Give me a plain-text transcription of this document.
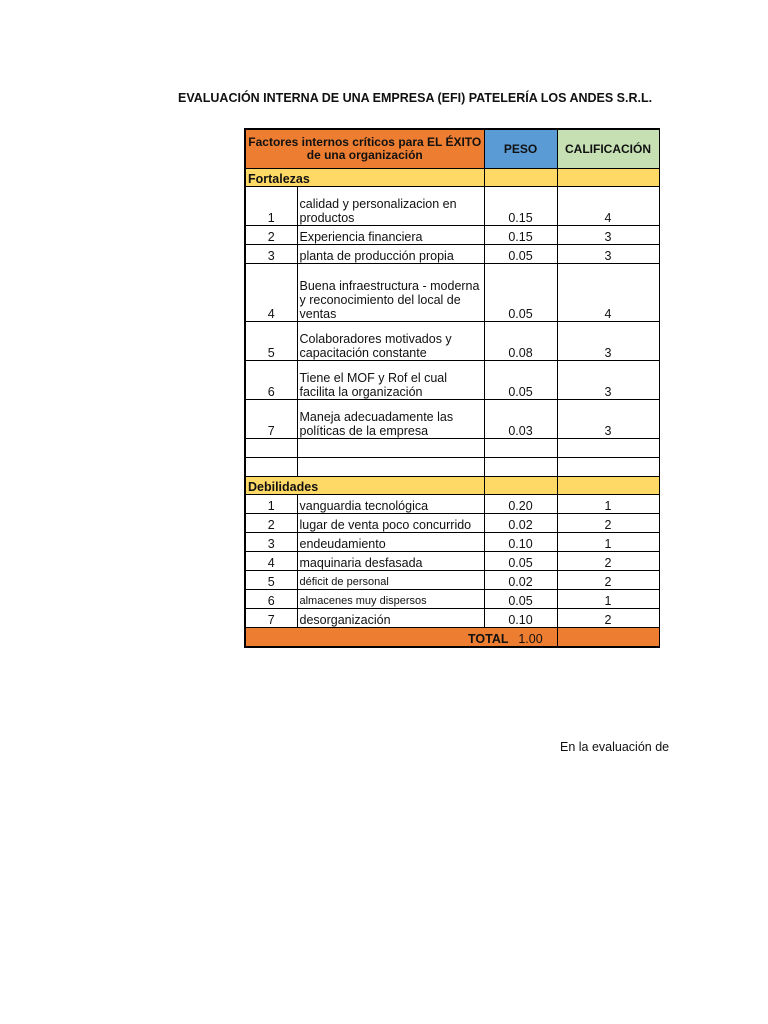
EVALUACIÓN INTERNA DE UNA EMPRESA (EFI) PATELERÍA LOS ANDES S.R.L.
Factores internos críticos para EL ÉXITO de una organización		PESO	CALIFICACIÓN
Fortalezas			
1	calidad y personalizacion en productos	0.15	4
2	Experiencia financiera	0.15	3
3	planta de producción propia	0.05	3
4	Buena infraestructura - moderna y reconocimiento del local de ventas	0.05	4
5	Colaboradores motivados y capacitación constante	0.08	3
6	Tiene el MOF y Rof el cual facilita la organización	0.05	3
7	Maneja adecuadamente las políticas de la empresa	0.03	3

Debilidades			
1	vanguardia tecnológica	0.20	1
2	lugar de venta poco concurrido	0.02	2
3	endeudamiento	0.10	1
4	maquinaria desfasada	0.05	2
5	déficit de personal	0.02	2
6	almacenes muy dispersos	0.05	1
7	desorganización	0.10	2
TOTAL 1.00			
En la evaluación de
